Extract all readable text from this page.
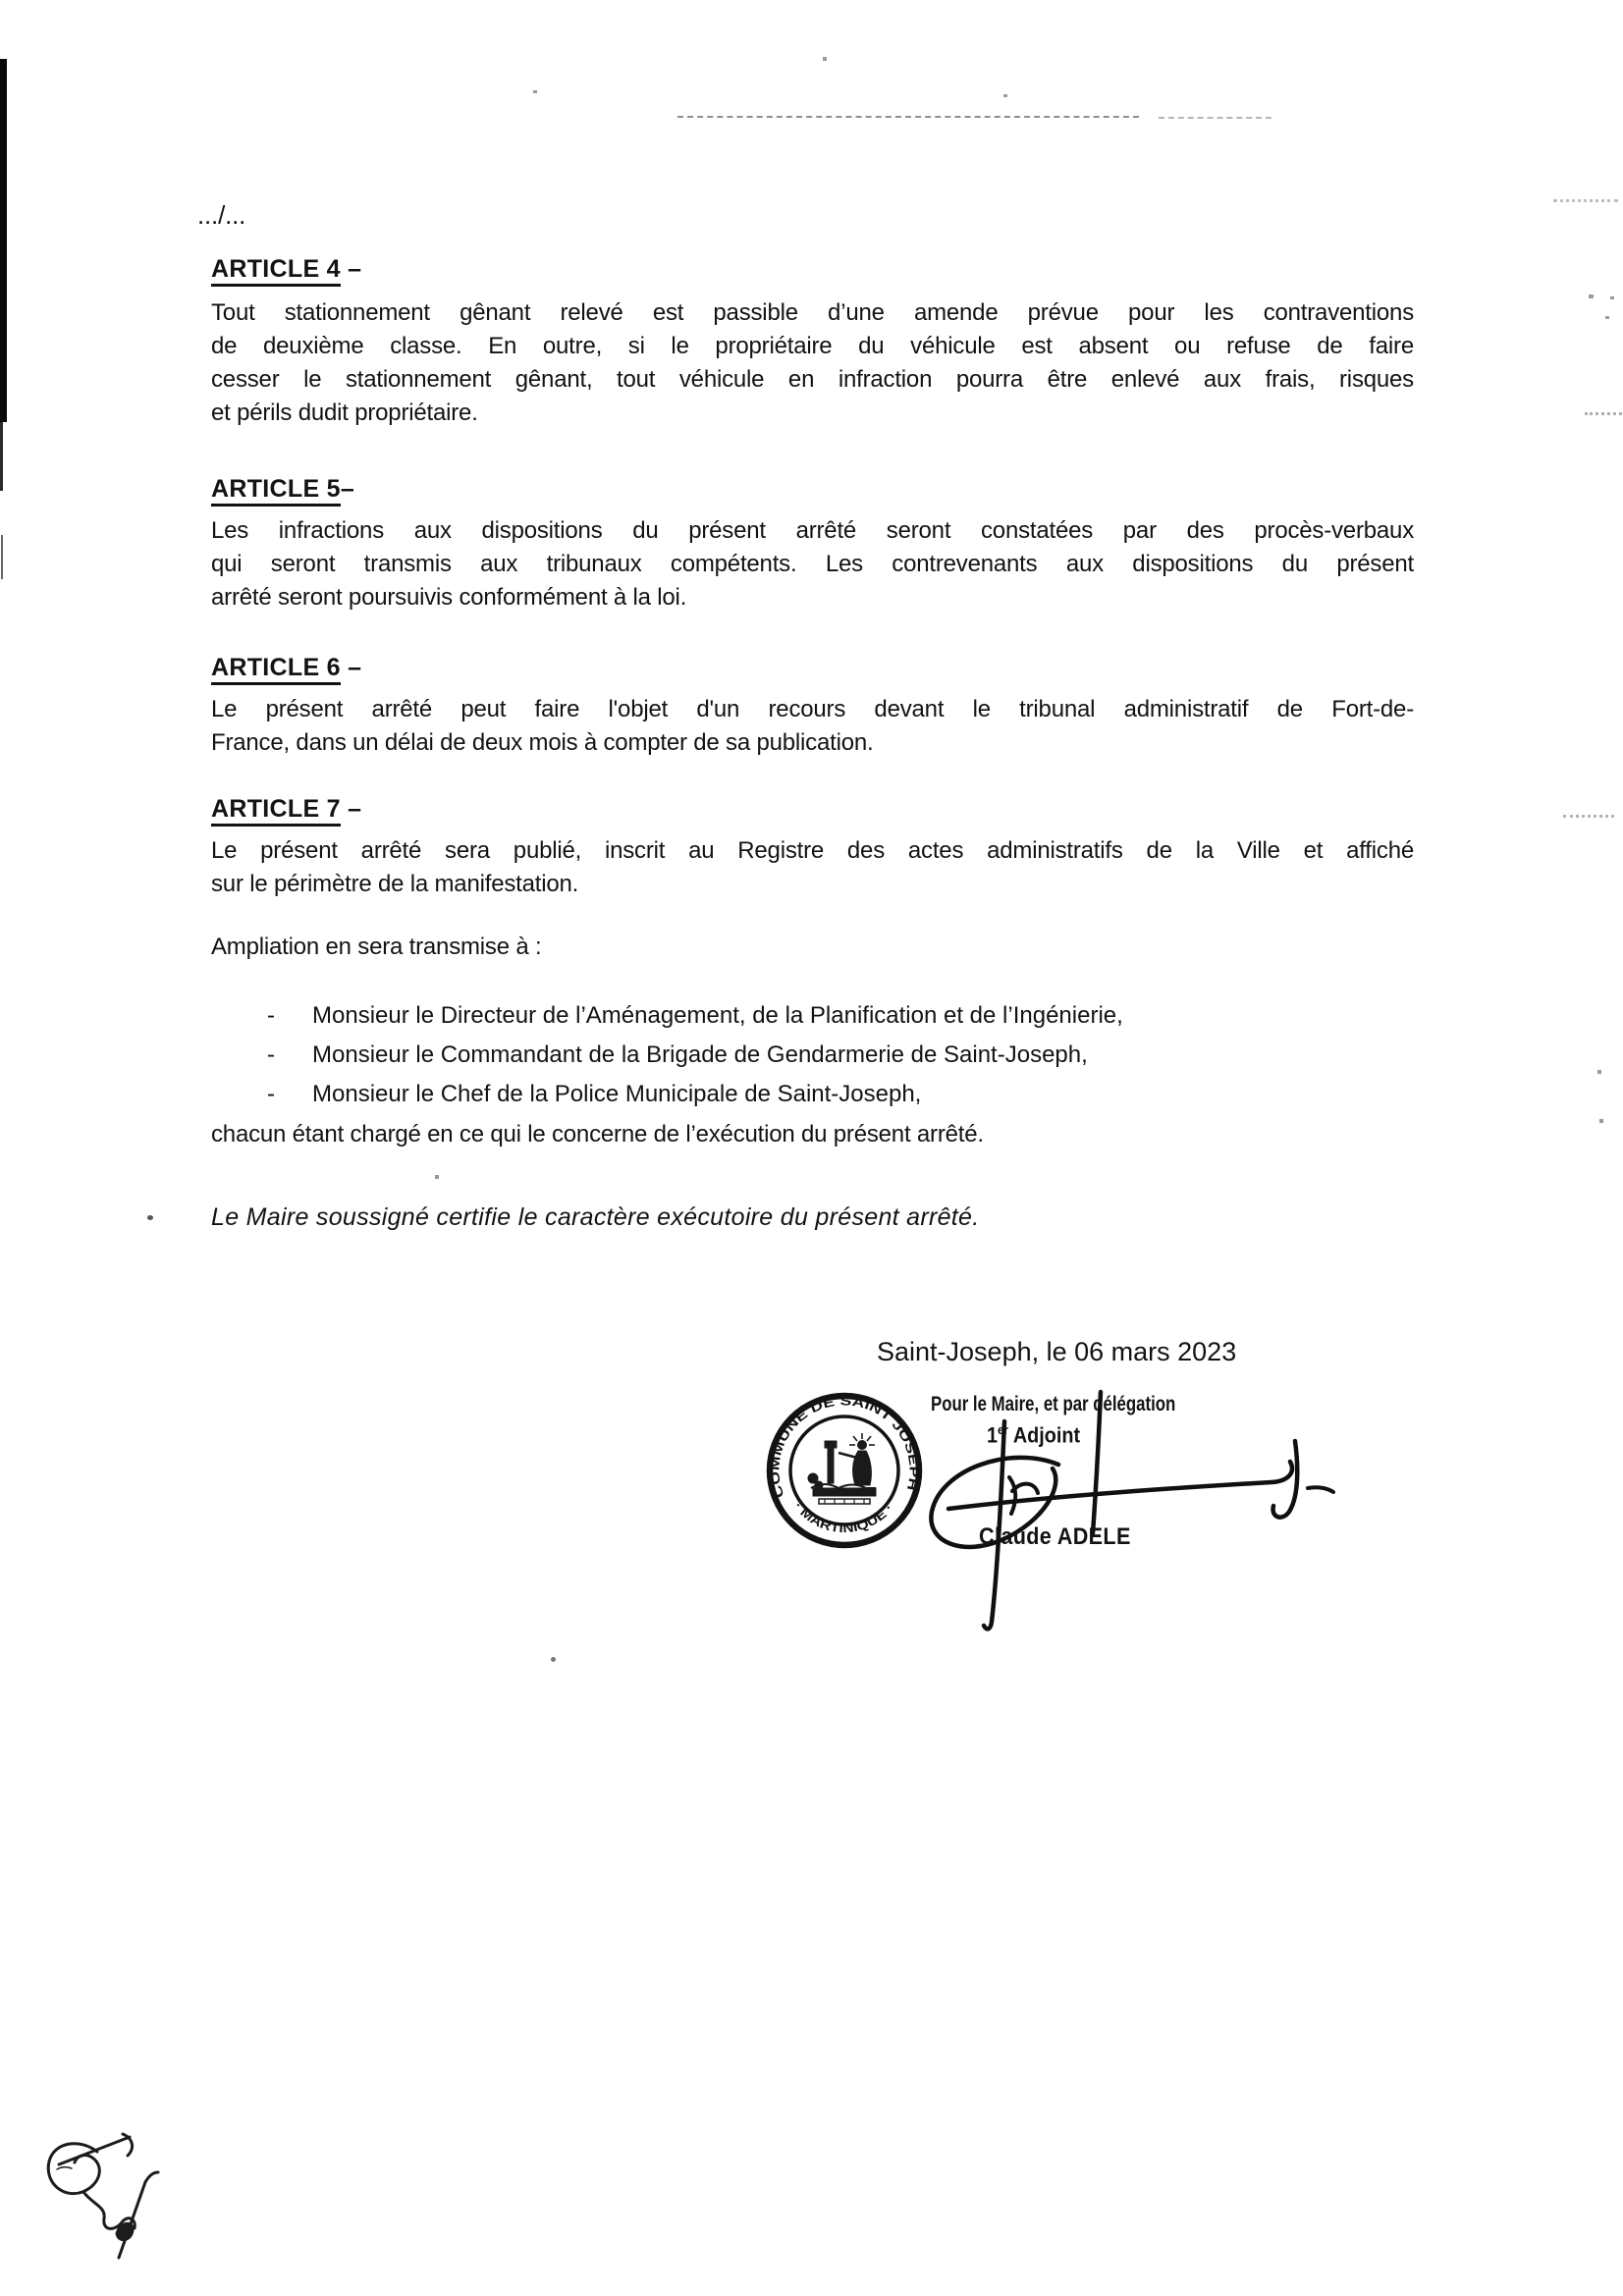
.../...
ARTICLE 4 –
Tout stationnement gênant relevé est passible d’une amende prévue pour les contraventions
de deuxième classe. En outre, si le propriétaire du véhicule est absent ou refuse de faire
cesser le stationnement gênant, tout véhicule en infraction pourra être enlevé aux frais, risques
et périls dudit propriétaire.
ARTICLE 5–
Les infractions aux dispositions du présent arrêté seront constatées par des procès-verbaux
qui seront transmis aux tribunaux compétents. Les contrevenants aux dispositions du présent
arrêté seront poursuivis conformément à la loi.
ARTICLE 6 –
Le présent arrêté peut faire l'objet d'un recours devant le tribunal administratif de Fort-de-
France, dans un délai de deux mois à compter de sa publication.
ARTICLE 7 –
Le présent arrêté sera publié, inscrit au Registre des actes administratifs de la Ville et affiché
sur le périmètre de la manifestation.
Ampliation en sera transmise à :
- Monsieur le Directeur de l’Aménagement, de la Planification et de l’Ingénierie,
- Monsieur le Commandant de la Brigade de Gendarmerie de Saint-Joseph,
- Monsieur le Chef de la Police Municipale de Saint-Joseph,
chacun étant chargé en ce qui le concerne de l’exécution du présent arrêté.
Le Maire soussigné certifie le caractère exécutoire du présent arrêté.
Saint-Joseph, le 06 mars 2023
Pour le Maire, et par délégation
1er Adjoint
Claude ADELE
COMMUNE DE SAINT JOSEPH
· MARTINIQUE ·
